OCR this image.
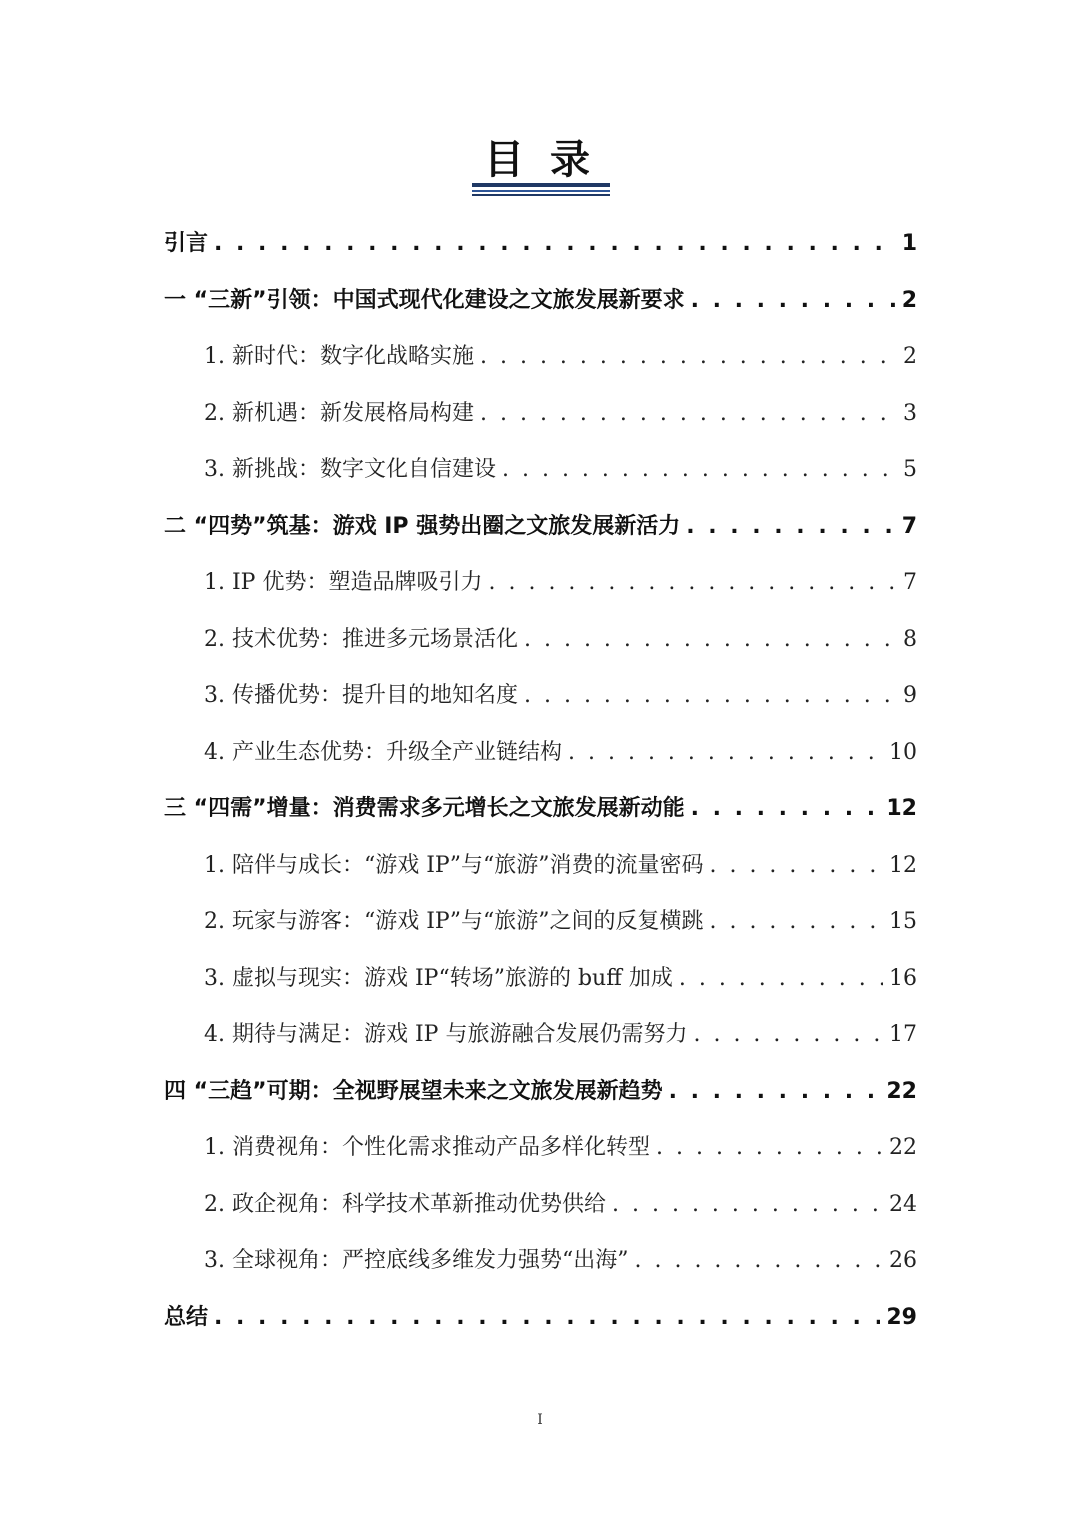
目 录
引言 . . .	1
一 “三新”引领：中国式现代化建设之文旅发展新要求 . . .	2
1. 新时代：数字化战略实施 . . .	2
2. 新机遇：新发展格局构建 . . .	3
3. 新挑战：数字文化自信建设 . . .	5
二 “四势”筑基：游戏 IP 强势出圈之文旅发展新活力 . . .	7
1. IP 优势：塑造品牌吸引力 . . .	7
2. 技术优势：推进多元场景活化 . . .	8
3. 传播优势：提升目的地知名度 . . .	9
4. 产业生态优势：升级全产业链结构 . . .	10
三 “四需”增量：消费需求多元增长之文旅发展新动能 . . .	12
1. 陪伴与成长：“游戏 IP”与“旅游”消费的流量密码 . . .	12
2. 玩家与游客：“游戏 IP”与“旅游”之间的反复横跳 . . .	15
3. 虚拟与现实：游戏 IP“转场”旅游的 buff 加成 . . .	16
4. 期待与满足：游戏 IP 与旅游融合发展仍需努力 . . .	17
四 “三趋”可期：全视野展望未来之文旅发展新趋势 . . .	22
1. 消费视角：个性化需求推动产品多样化转型 . . .	22
2. 政企视角：科学技术革新推动优势供给 . . .	24
3. 全球视角：严控底线多维发力强势“出海” . . .	26
总结 . . .	29
I
